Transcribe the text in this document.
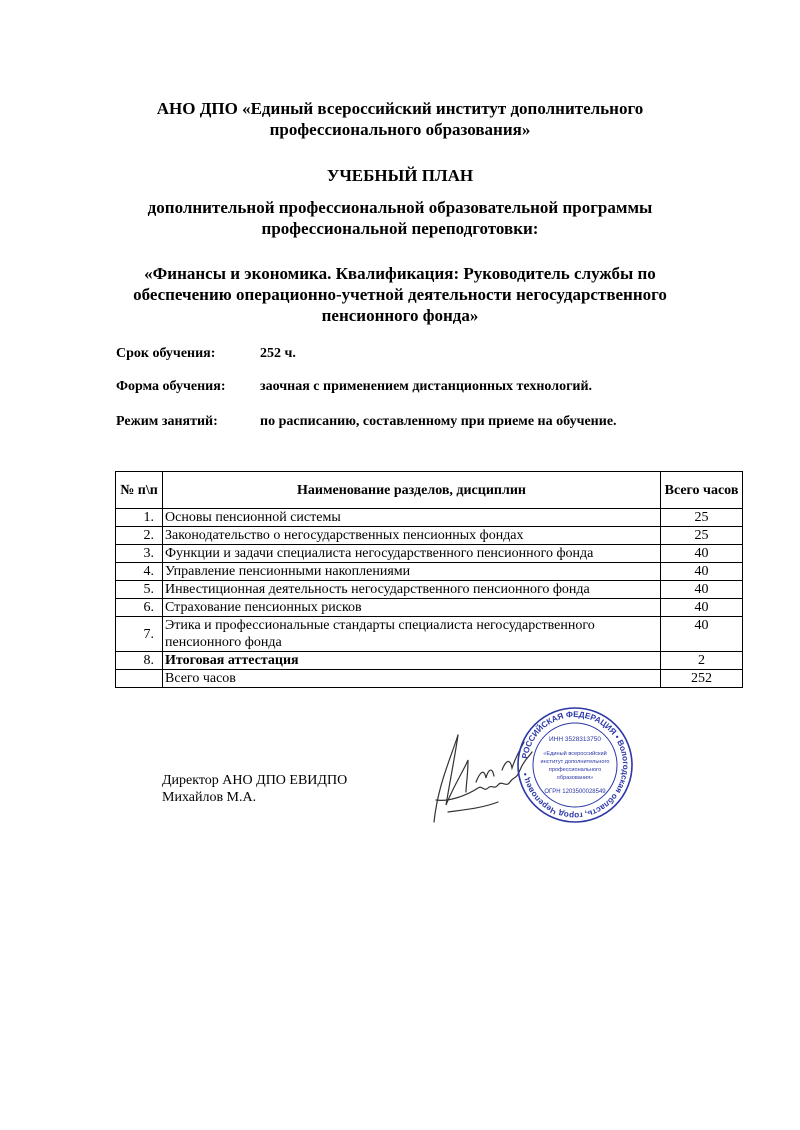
АНО ДПО «Единый всероссийский институт дополнительного
профессионального образования»
УЧЕБНЫЙ ПЛАН
дополнительной профессиональной образовательной программы
профессиональной переподготовки:
«Финансы и экономика. Квалификация: Руководитель службы по
обеспечению операционно-учетной деятельности негосударственного
пенсионного фонда»
Срок обучения:	252 ч.
Форма обучения: заочная с применением дистанционных технологий.
Режим занятий:	по расписанию, составленному при приеме на обучение.
№ п\п	Наименование разделов, дисциплин	Всего часов
1.	Основы пенсионной системы	25
2.	Законодательство о негосударственных пенсионных фондах	25
3.	Функции и задачи специалиста негосударственного пенсионного фонда	40
4.	Управление пенсионными накоплениями	40
5.	Инвестиционная деятельность негосударственного пенсионного фонда	40
6.	Страхование пенсионных рисков	40
7.	Этика и профессиональные стандарты специалиста негосударственного пенсионного фонда	40
8.	Итоговая аттестация	2
	Всего часов	252
Директор АНО ДПО ЕВИДПО
Михайлов М.А.
РОССИЙСКАЯ ФЕДЕРАЦИЯ • Вологодская область, город Череповец •
ИНН 3528313750
«Единый всероссийский
институт дополнительного
профессионального
образования»
ОГРН 1203500028549
